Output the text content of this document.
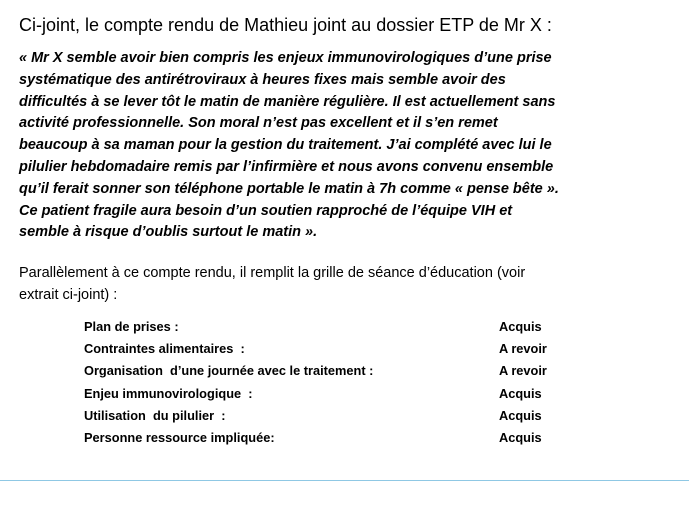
Ci-joint, le compte rendu de Mathieu joint au dossier ETP de Mr X :
« Mr X semble avoir bien compris les enjeux immunovirologiques d’une prise
systématique des antirétroviraux à heures fixes mais semble avoir des
difficultés à se lever tôt le matin de manière régulière. Il est actuellement sans
activité professionnelle. Son moral n’est pas excellent et il s’en remet
beaucoup à sa maman pour la gestion du traitement. J’ai complété avec lui le
pilulier hebdomadaire remis par l’infirmière et nous avons convenu ensemble
qu’il ferait sonner son téléphone portable le matin à 7h comme « pense bête ».
Ce patient fragile aura besoin d’un soutien rapproché de l’équipe VIH et
semble à risque d’oublis surtout le matin ».
Parallèlement à ce compte rendu, il remplit la grille de séance d’éducation (voir
extrait ci-joint) :
Plan de prises :	Acquis
Contraintes alimentaires  :	A revoir
Organisation  d’une journée avec le traitement :	A revoir
Enjeu immunovirologique  :	Acquis
Utilisation  du pilulier  :	Acquis
Personne ressource impliquée:	Acquis
